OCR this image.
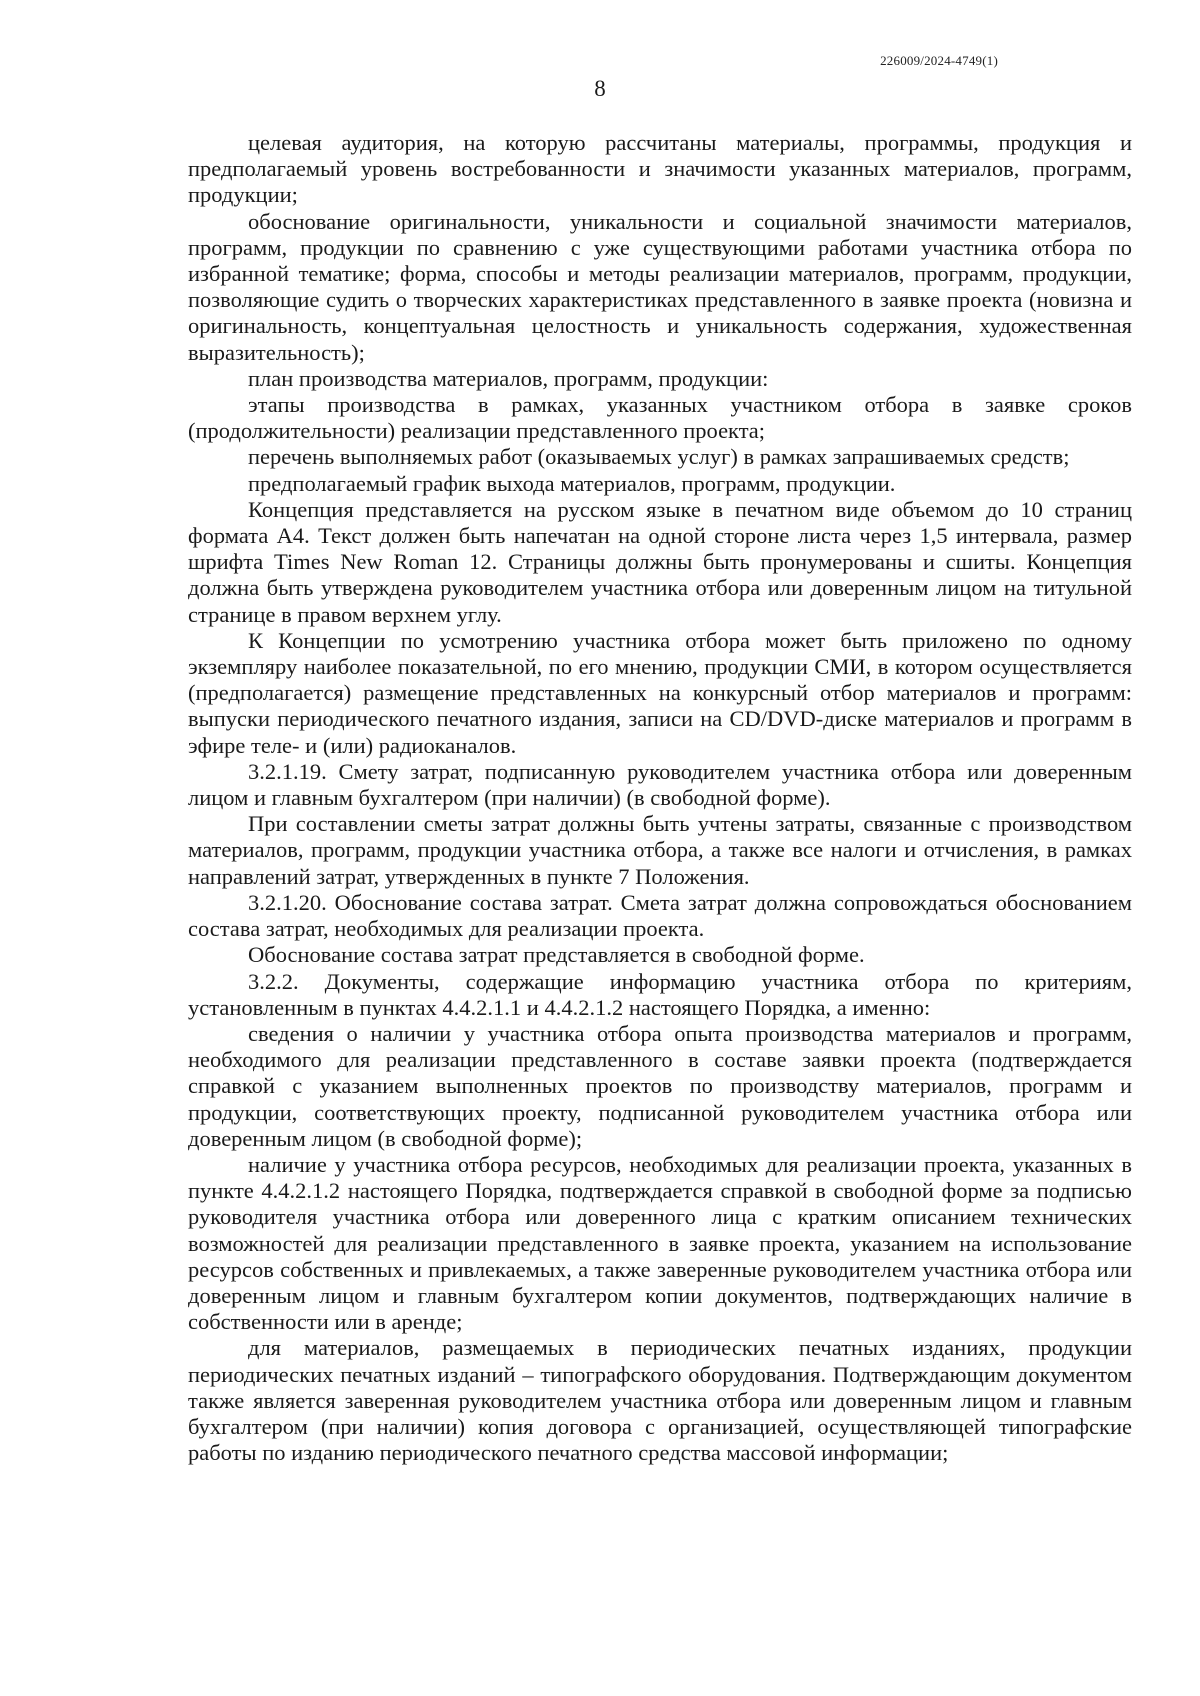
226009/2024-4749(1)
8

целевая аудитория, на которую рассчитаны материалы, программы, продукция и предполагаемый уровень востребованности и значимости указанных материалов, программ, продукции;

обоснование оригинальности, уникальности и социальной значимости материалов, программ, продукции по сравнению с уже существующими работами участника отбора по избранной тематике; форма, способы и методы реализации материалов, программ, продукции, позволяющие судить о творческих характеристиках представленного в заявке проекта (новизна и оригинальность, концептуальная целостность и уникальность содержания, художественная выразительность);

план производства материалов, программ, продукции:

этапы производства в рамках, указанных участником отбора в заявке сроков (продолжительности) реализации представленного проекта;

перечень выполняемых работ (оказываемых услуг) в рамках запрашиваемых средств;

предполагаемый график выхода материалов, программ, продукции.

Концепция представляется на русском языке в печатном виде объемом до 10 страниц формата А4. Текст должен быть напечатан на одной стороне листа через 1,5 интервала, размер шрифта Times New Roman 12. Страницы должны быть пронумерованы и сшиты. Концепция должна быть утверждена руководителем участника отбора или доверенным лицом на титульной странице в правом верхнем углу.

К Концепции по усмотрению участника отбора может быть приложено по одному экземпляру наиболее показательной, по его мнению, продукции СМИ, в котором осуществляется (предполагается) размещение представленных на конкурсный отбор материалов и программ: выпуски периодического печатного издания, записи на CD/DVD-диске материалов и программ в эфире теле- и (или) радиоканалов.

3.2.1.19. Смету затрат, подписанную руководителем участника отбора или доверенным лицом и главным бухгалтером (при наличии) (в свободной форме).

При составлении сметы затрат должны быть учтены затраты, связанные с производством материалов, программ, продукции участника отбора, а также все налоги и отчисления, в рамках направлений затрат, утвержденных в пункте 7 Положения.

3.2.1.20. Обоснование состава затрат. Смета затрат должна сопровождаться обоснованием состава затрат, необходимых для реализации проекта.

Обоснование состава затрат представляется в свободной форме.

3.2.2. Документы, содержащие информацию участника отбора по критериям, установленным в пунктах 4.4.2.1.1 и 4.4.2.1.2 настоящего Порядка, а именно:

сведения о наличии у участника отбора опыта производства материалов и программ, необходимого для реализации представленного в составе заявки проекта (подтверждается справкой с указанием выполненных проектов по производству материалов, программ и продукции, соответствующих проекту, подписанной руководителем участника отбора или доверенным лицом (в свободной форме);

наличие у участника отбора ресурсов, необходимых для реализации проекта, указанных в пункте 4.4.2.1.2 настоящего Порядка, подтверждается справкой в свободной форме за подписью руководителя участника отбора или доверенного лица с кратким описанием технических возможностей для реализации представленного в заявке проекта, указанием на использование ресурсов собственных и привлекаемых, а также заверенные руководителем участника отбора или доверенным лицом и главным бухгалтером копии документов, подтверждающих наличие в собственности или в аренде;

для материалов, размещаемых в периодических печатных изданиях, продукции периодических печатных изданий – типографского оборудования. Подтверждающим документом также является заверенная руководителем участника отбора или доверенным лицом и главным бухгалтером (при наличии) копия договора с организацией, осуществляющей типографские работы по изданию периодического печатного средства массовой информации;
